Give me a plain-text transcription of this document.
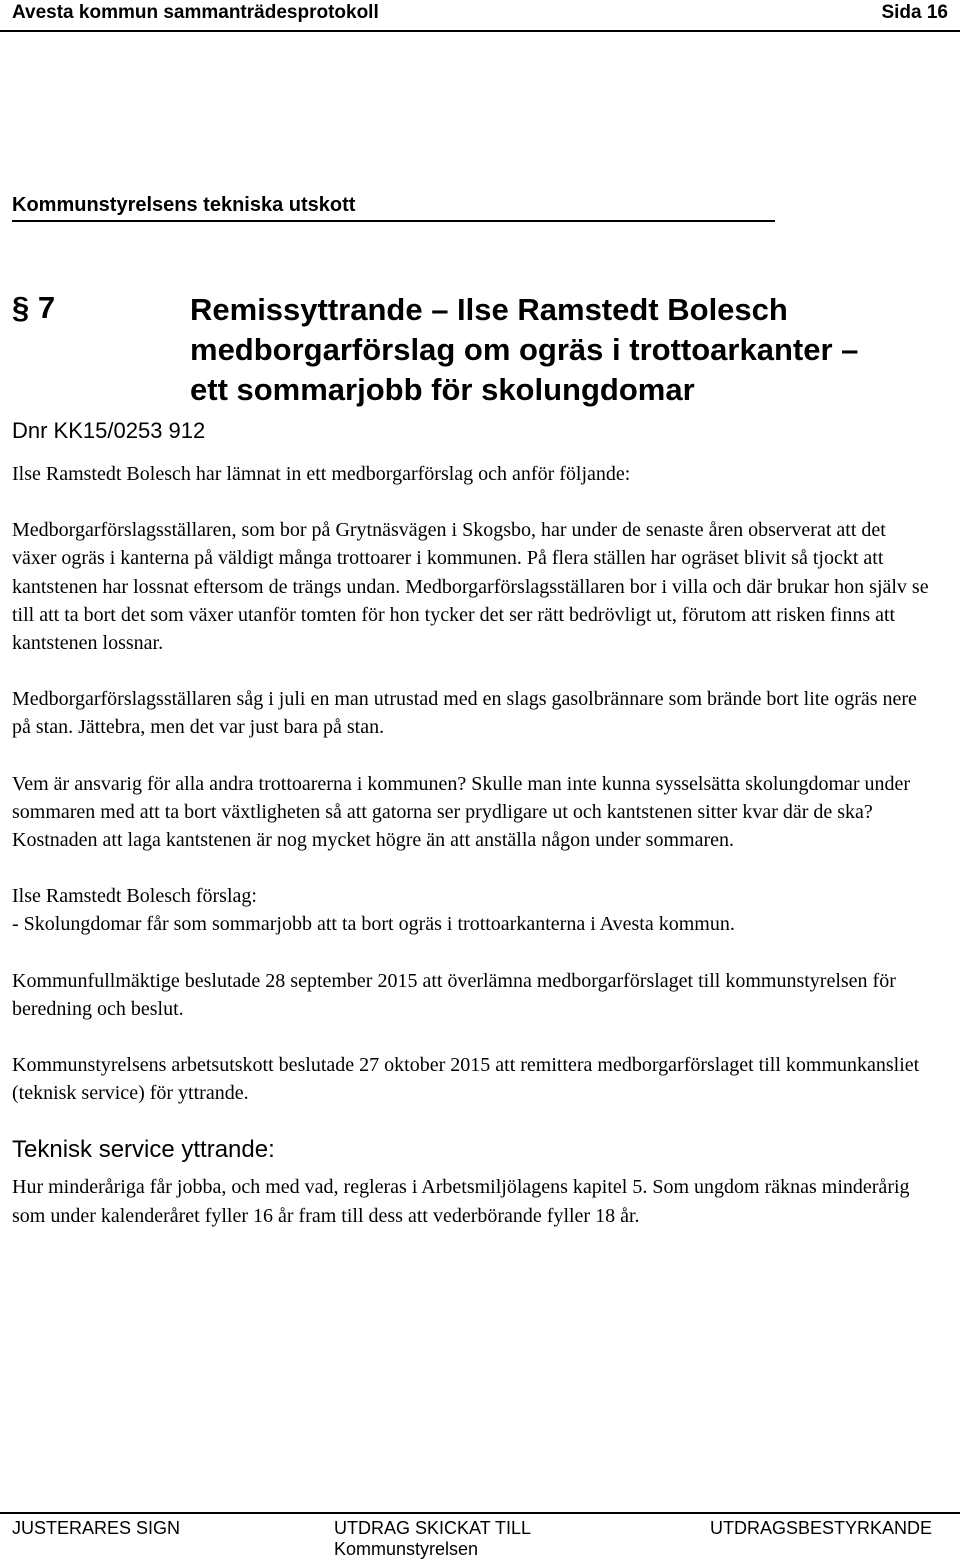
Avesta kommun sammanträdesprotokoll	Sida 16
Kommunstyrelsens tekniska utskott
§ 7	Remissyttrande – Ilse Ramstedt Bolesch
medborgarförslag om ogräs i trottoarkanter –
ett sommarjobb för skolungdomar
Dnr KK15/0253 912

Ilse Ramstedt Bolesch har lämnat in ett medborgarförslag och anför följande:

Medborgarförslagsställaren, som bor på Grytnäsvägen i Skogsbo, har under de senaste åren observerat att det växer ogräs i kanterna på väldigt många trottoarer i kommunen. På flera ställen har ogräset blivit så tjockt att kantstenen har lossnat eftersom de trängs undan. Medborgarförslagsställaren bor i villa och där brukar hon själv se till att ta bort det som växer utanför tomten för hon tycker det ser rätt bedrövligt ut, förutom att risken finns att kantstenen lossnar.

Medborgarförslagsställaren såg i juli en man utrustad med en slags gasolbrännare som brände bort lite ogräs nere på stan. Jättebra, men det var just bara på stan.

Vem är ansvarig för alla andra trottoarerna i kommunen? Skulle man inte kunna sysselsätta skolungdomar under sommaren med att ta bort växtligheten så att gatorna ser prydligare ut och kantstenen sitter kvar där de ska? Kostnaden att laga kantstenen är nog mycket högre än att anställa någon under sommaren.

Ilse Ramstedt Bolesch förslag:

- Skolungdomar får som sommarjobb att ta bort ogräs i trottoarkanterna i Avesta kommun.

Kommunfullmäktige beslutade 28 september 2015 att överlämna medborgarförslaget till kommunstyrelsen för beredning och beslut.

Kommunstyrelsens arbetsutskott beslutade 27 oktober 2015 att remittera medborgarförslaget till kommunkansliet (teknisk service) för yttrande.

Teknisk service yttrande:

Hur minderåriga får jobba, och med vad, regleras i Arbetsmiljölagens kapitel 5. Som ungdom räknas minderårig som under kalenderåret fyller 16 år fram till dess att vederbörande fyller 18 år.

JUSTERARES SIGN	UTDRAG SKICKAT TILL
Kommunstyrelsen
UTDRAGSBESTYRKANDE
